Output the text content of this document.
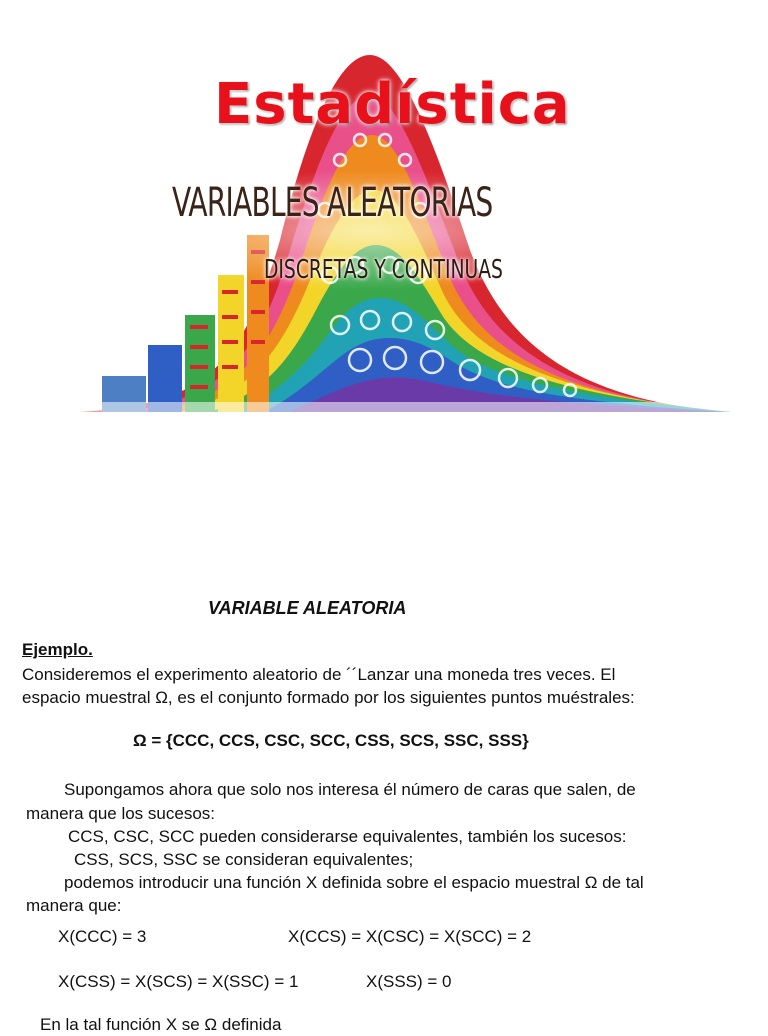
Estadística
VARIABLES ALEATORIAS
DISCRETAS Y CONTINUAS
VARIABLE ALEATORIA
Ejemplo.
Consideremos el experimento aleatorio de ´´Lanzar una moneda tres veces. El
espacio muestral Ω, es el conjunto formado por los siguientes puntos muéstrales:
Ω = {CCC, CCS, CSC, SCC, CSS, SCS, SSC, SSS}
Supongamos ahora que solo nos interesa él número de caras que salen, de
manera que los sucesos:
CCS, CSC, SCC pueden considerarse equivalentes, también los sucesos:
CSS, SCS, SSC se consideran equivalentes;
podemos introducir una función X definida sobre el espacio muestral Ω de tal
manera que:
X(CCC) = 3	X(CCS) = X(CSC) = X(SCC) = 2
X(CSS) = X(SCS) = X(SSC) = 1	X(SSS) = 0
En la tal función X se Ω definida
